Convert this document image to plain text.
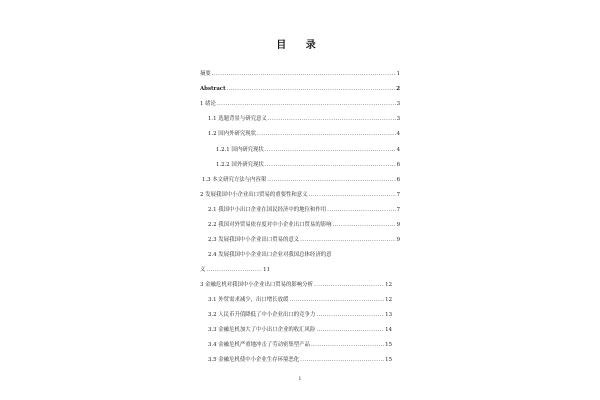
目 录
摘要 .....	1
Abstract .....	2
1 绪论 .....	3
1.1 选题背景与研究意义 .....	3
1.2 国内外研究现状 .....	4
1.2.1 国内研究现状 .....	4
1.2.2 国外研究现状 .....	6
1.3 本文研究方法与内容架 .....	6
2 发展我国中小企业出口贸易的重要性和意义 .....	7
2.1 我国中小出口企业在国民经济中的地位和作用 .....	7
2.2 我国对外贸易依存度对中小企业出口贸易的影响 .....	9
2.3 发展我国中小企业出口贸易的意义 .....	9
2.4 发展我国中小企业出口企业对我国总体经济的意
义 .....	11
3 金融危机对我国中小企业出口贸易的影响分析 .....	12
3.1 外贸需求减少，出口增长放缓 .....	12
3.2 人民币升值降低了中小企业出口的竞争力 .....	13
3.3 金融危机加大了中小出口企业的收汇风险 .....	14
3.4 金融危机严重地冲击了劳动密集型产品 .....	15
3.5 金融危机使中小企业生存环境恶化 .....	15
1
